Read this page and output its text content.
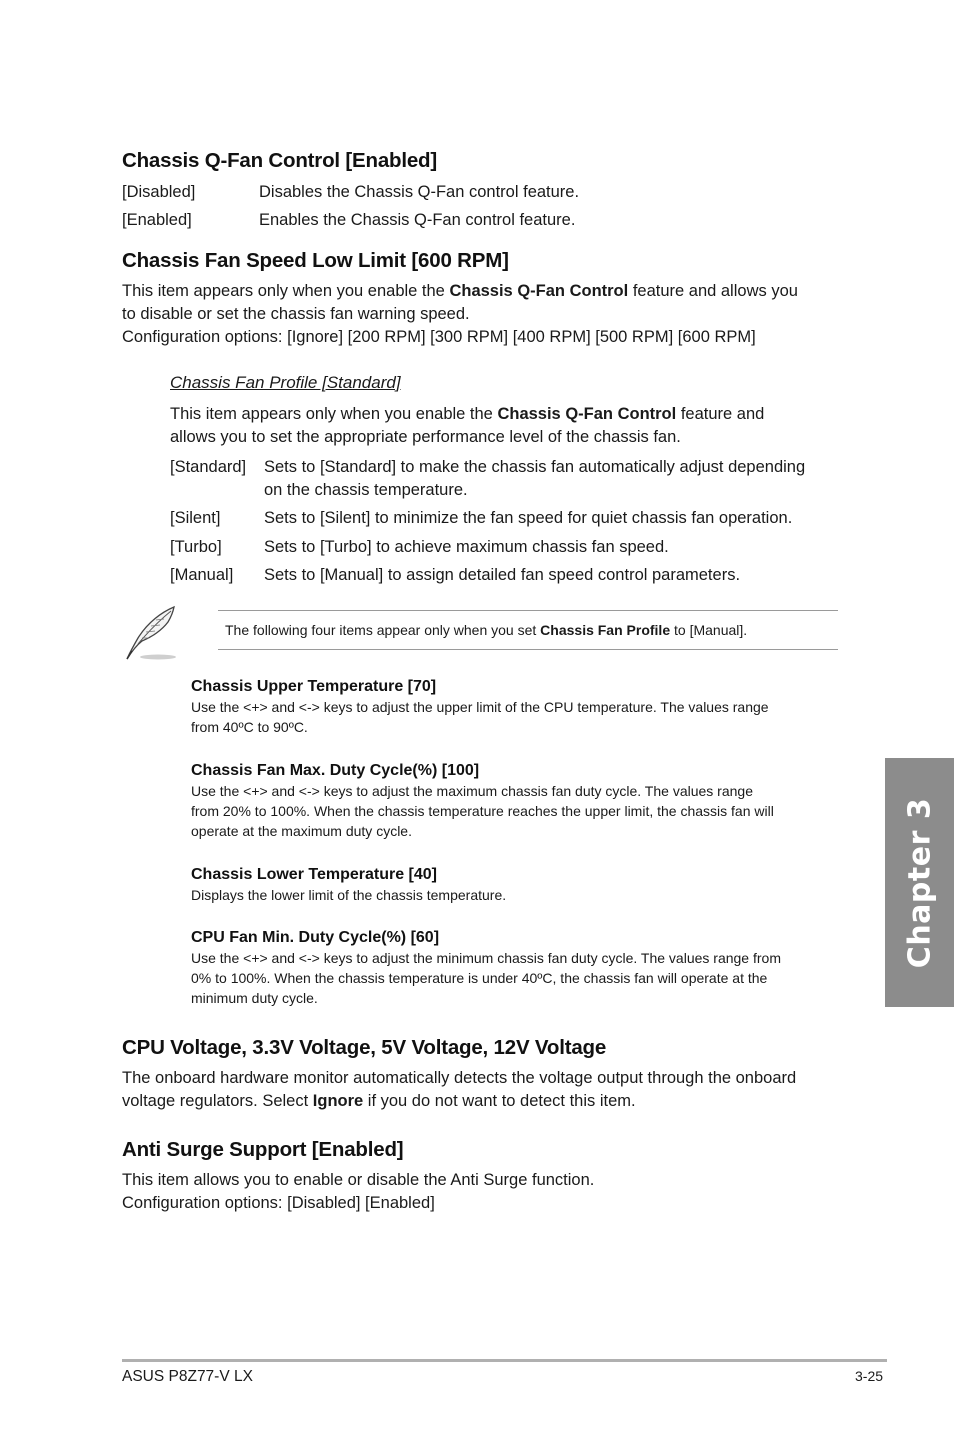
Chassis Q-Fan Control [Enabled]
[Disabled]	Disables the Chassis Q-Fan control feature.
[Enabled]	Enables the Chassis Q-Fan control feature.
Chassis Fan Speed Low Limit [600 RPM]
This item appears only when you enable the Chassis Q-Fan Control feature and allows you
to disable or set the chassis fan warning speed.
Configuration options: [Ignore] [200 RPM] [300 RPM] [400 RPM] [500 RPM] [600 RPM]
Chassis Fan Profile [Standard]
This item appears only when you enable the Chassis Q-Fan Control feature and
allows you to set the appropriate performance level of the chassis fan.
[Standard] Sets to [Standard] to make the chassis fan automatically adjust depending
on the chassis temperature.
[Silent]	Sets to [Silent] to minimize the fan speed for quiet chassis fan operation.
[Turbo]	Sets to [Turbo] to achieve maximum chassis fan speed.
[Manual] Sets to [Manual] to assign detailed fan speed control parameters.
The following four items appear only when you set Chassis Fan Profile to [Manual].
Chassis Upper Temperature [70]
Use the <+> and <-> keys to adjust the upper limit of the CPU temperature. The values range
from 40ºC to 90ºC.
Chassis Fan Max. Duty Cycle(%) [100]
Use the <+> and <-> keys to adjust the maximum chassis fan duty cycle. The values range
from 20% to 100%. When the chassis temperature reaches the upper limit, the chassis fan will
operate at the maximum duty cycle.
Chassis Lower Temperature [40]
Displays the lower limit of the chassis temperature.
CPU Fan Min. Duty Cycle(%) [60]
Use the <+> and <-> keys to adjust the minimum chassis fan duty cycle. The values range from
0% to 100%. When the chassis temperature is under 40ºC, the chassis fan will operate at the
minimum duty cycle.
CPU Voltage, 3.3V Voltage, 5V Voltage, 12V Voltage
The onboard hardware monitor automatically detects the voltage output through the onboard
voltage regulators. Select Ignore if you do not want to detect this item.
Anti Surge Support [Enabled]
This item allows you to enable or disable the Anti Surge function.
Configuration options: [Disabled] [Enabled]
Chapter 3
ASUS P8Z77-V LX	3-25
